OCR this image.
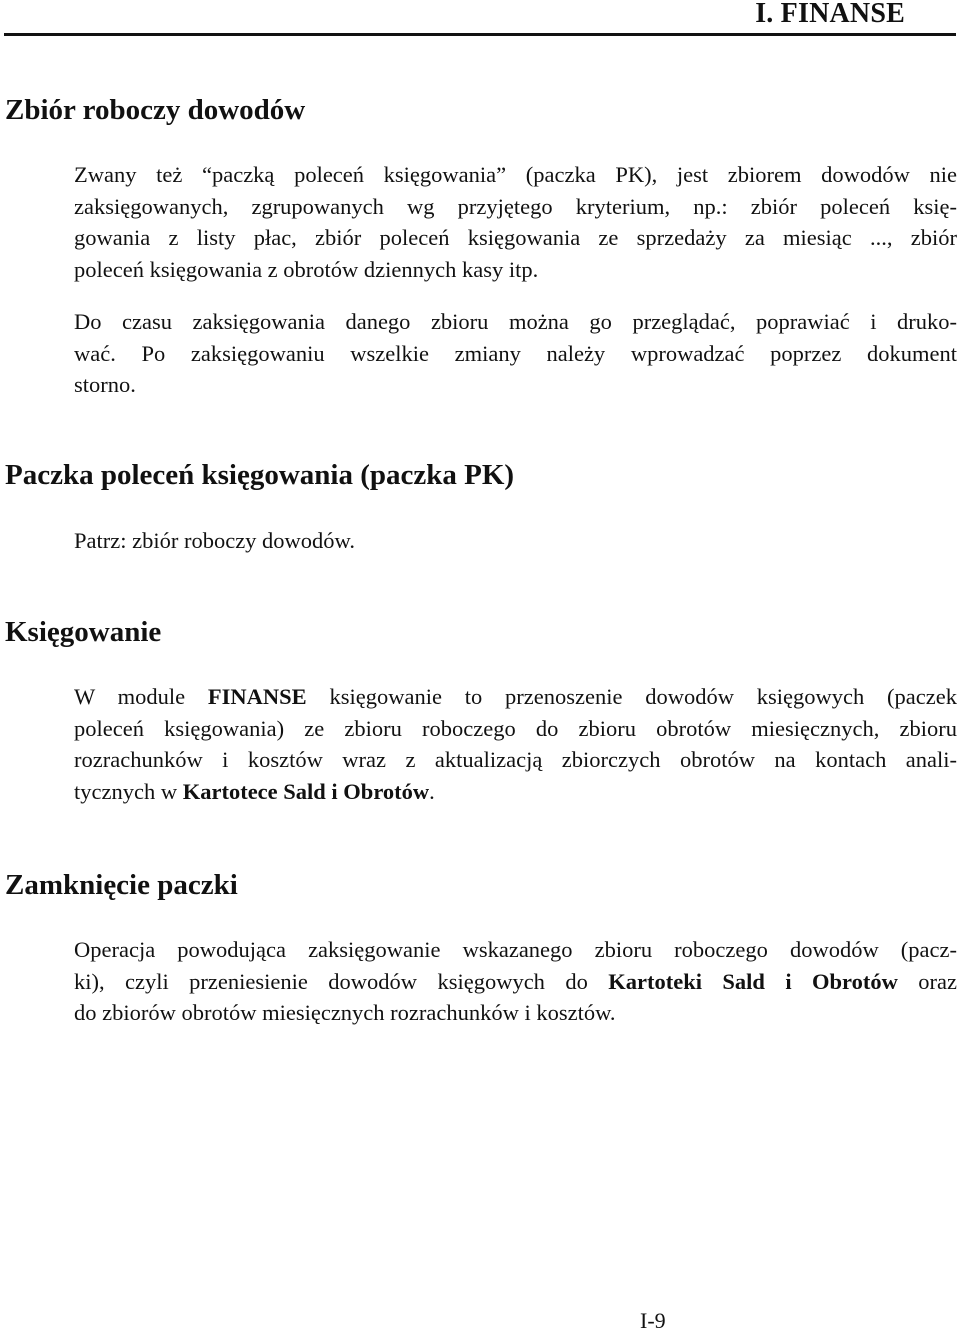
I. FINANSE
Zbiór roboczy dowodów
Zwany też “paczką poleceń księgowania” (paczka PK), jest zbiorem dowodów nie
zaksięgowanych, zgrupowanych wg przyjętego kryterium, np.: zbiór poleceń księ-
gowania z listy płac, zbiór poleceń księgowania ze sprzedaży za miesiąc ..., zbiór
poleceń księgowania z obrotów dziennych kasy itp.
Do czasu zaksięgowania danego zbioru można go przeglądać, poprawiać i druko-
wać. Po zaksięgowaniu wszelkie zmiany należy wprowadzać poprzez dokument
storno.
Paczka poleceń księgowania (paczka PK)
Patrz: zbiór roboczy dowodów.
Księgowanie
W module FINANSE księgowanie to przenoszenie dowodów księgowych (paczek
poleceń księgowania) ze zbioru roboczego do zbioru obrotów miesięcznych, zbioru
rozrachunków i kosztów wraz z aktualizacją zbiorczych obrotów na kontach anali-
tycznych w Kartotece Sald i Obrotów.
Zamknięcie paczki
Operacja powodująca zaksięgowanie wskazanego zbioru roboczego dowodów (pacz-
ki), czyli przeniesienie dowodów księgowych do Kartoteki Sald i Obrotów oraz
do zbiorów obrotów miesięcznych rozrachunków i kosztów.
I-9
